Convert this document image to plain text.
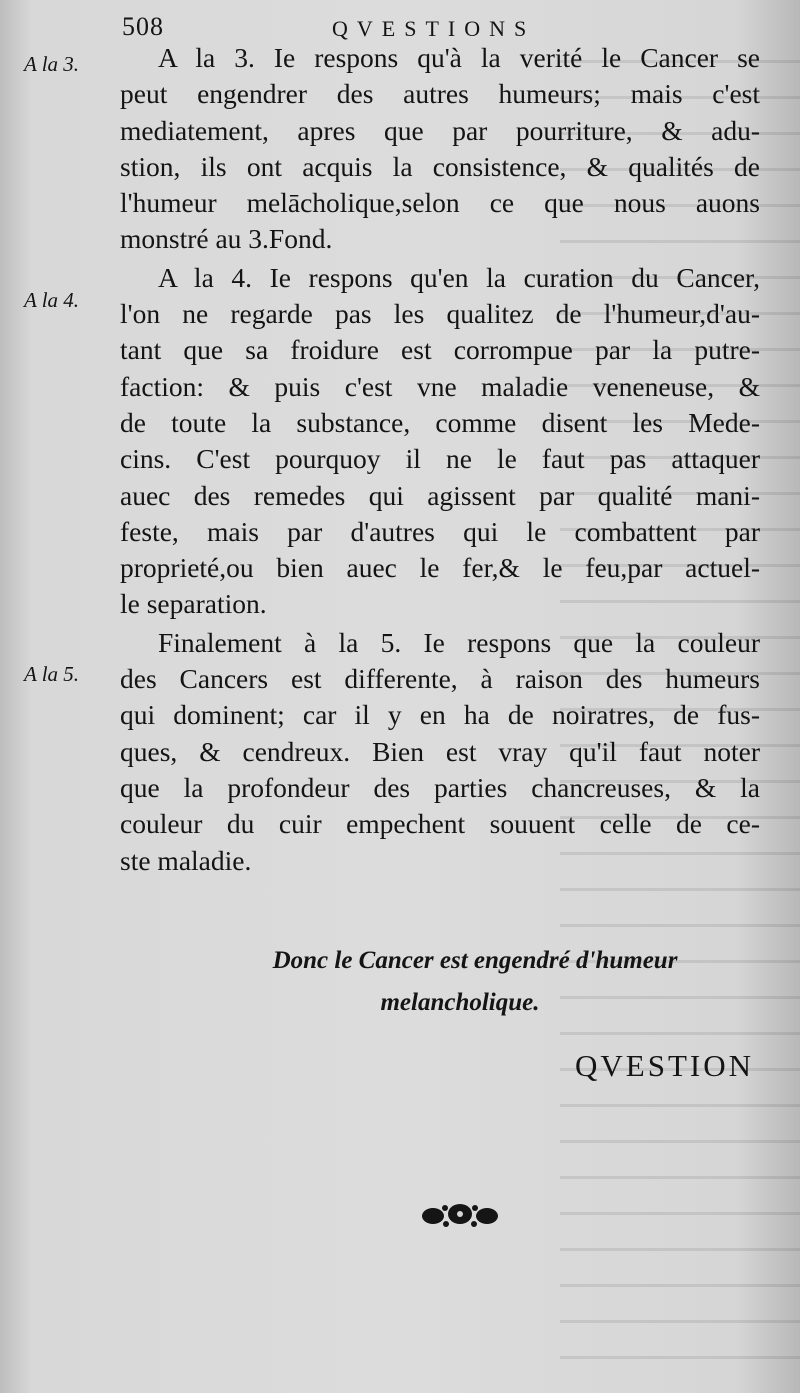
508	QVESTIONS
A la 3.
A la 4.
A la 5.
A la 3. Ie respons qu'à la verité le Cancer se
peut engendrer des autres humeurs; mais c'est
mediatement, apres que par pourriture, & adu-
stion, ils ont acquis la consistence, & qualités de
l'humeur melācholique,selon ce que nous auons
monstré au 3.Fond.
A la 4. Ie respons qu'en la curation du Cancer,
l'on ne regarde pas les qualitez de l'humeur,d'au-
tant que sa froidure est corrompue par la putre-
faction: & puis c'est vne maladie veneneuse, &
de toute la substance, comme disent les Mede-
cins. C'est pourquoy il ne le faut pas attaquer
auec des remedes qui agissent par qualité mani-
feste, mais par d'autres qui le combattent par
proprieté,ou bien auec le fer,& le feu,par actuel-
le separation.
Finalement à la 5. Ie respons que la couleur
des Cancers est differente, à raison des humeurs
qui dominent; car il y en ha de noiratres, de fus-
ques, & cendreux. Bien est vray qu'il faut noter
que la profondeur des parties chancreuses, & la
couleur du cuir empechent souuent celle de ce-
ste maladie.
Donc le Cancer est engendré d'humeur
melancholique.
QVESTION
